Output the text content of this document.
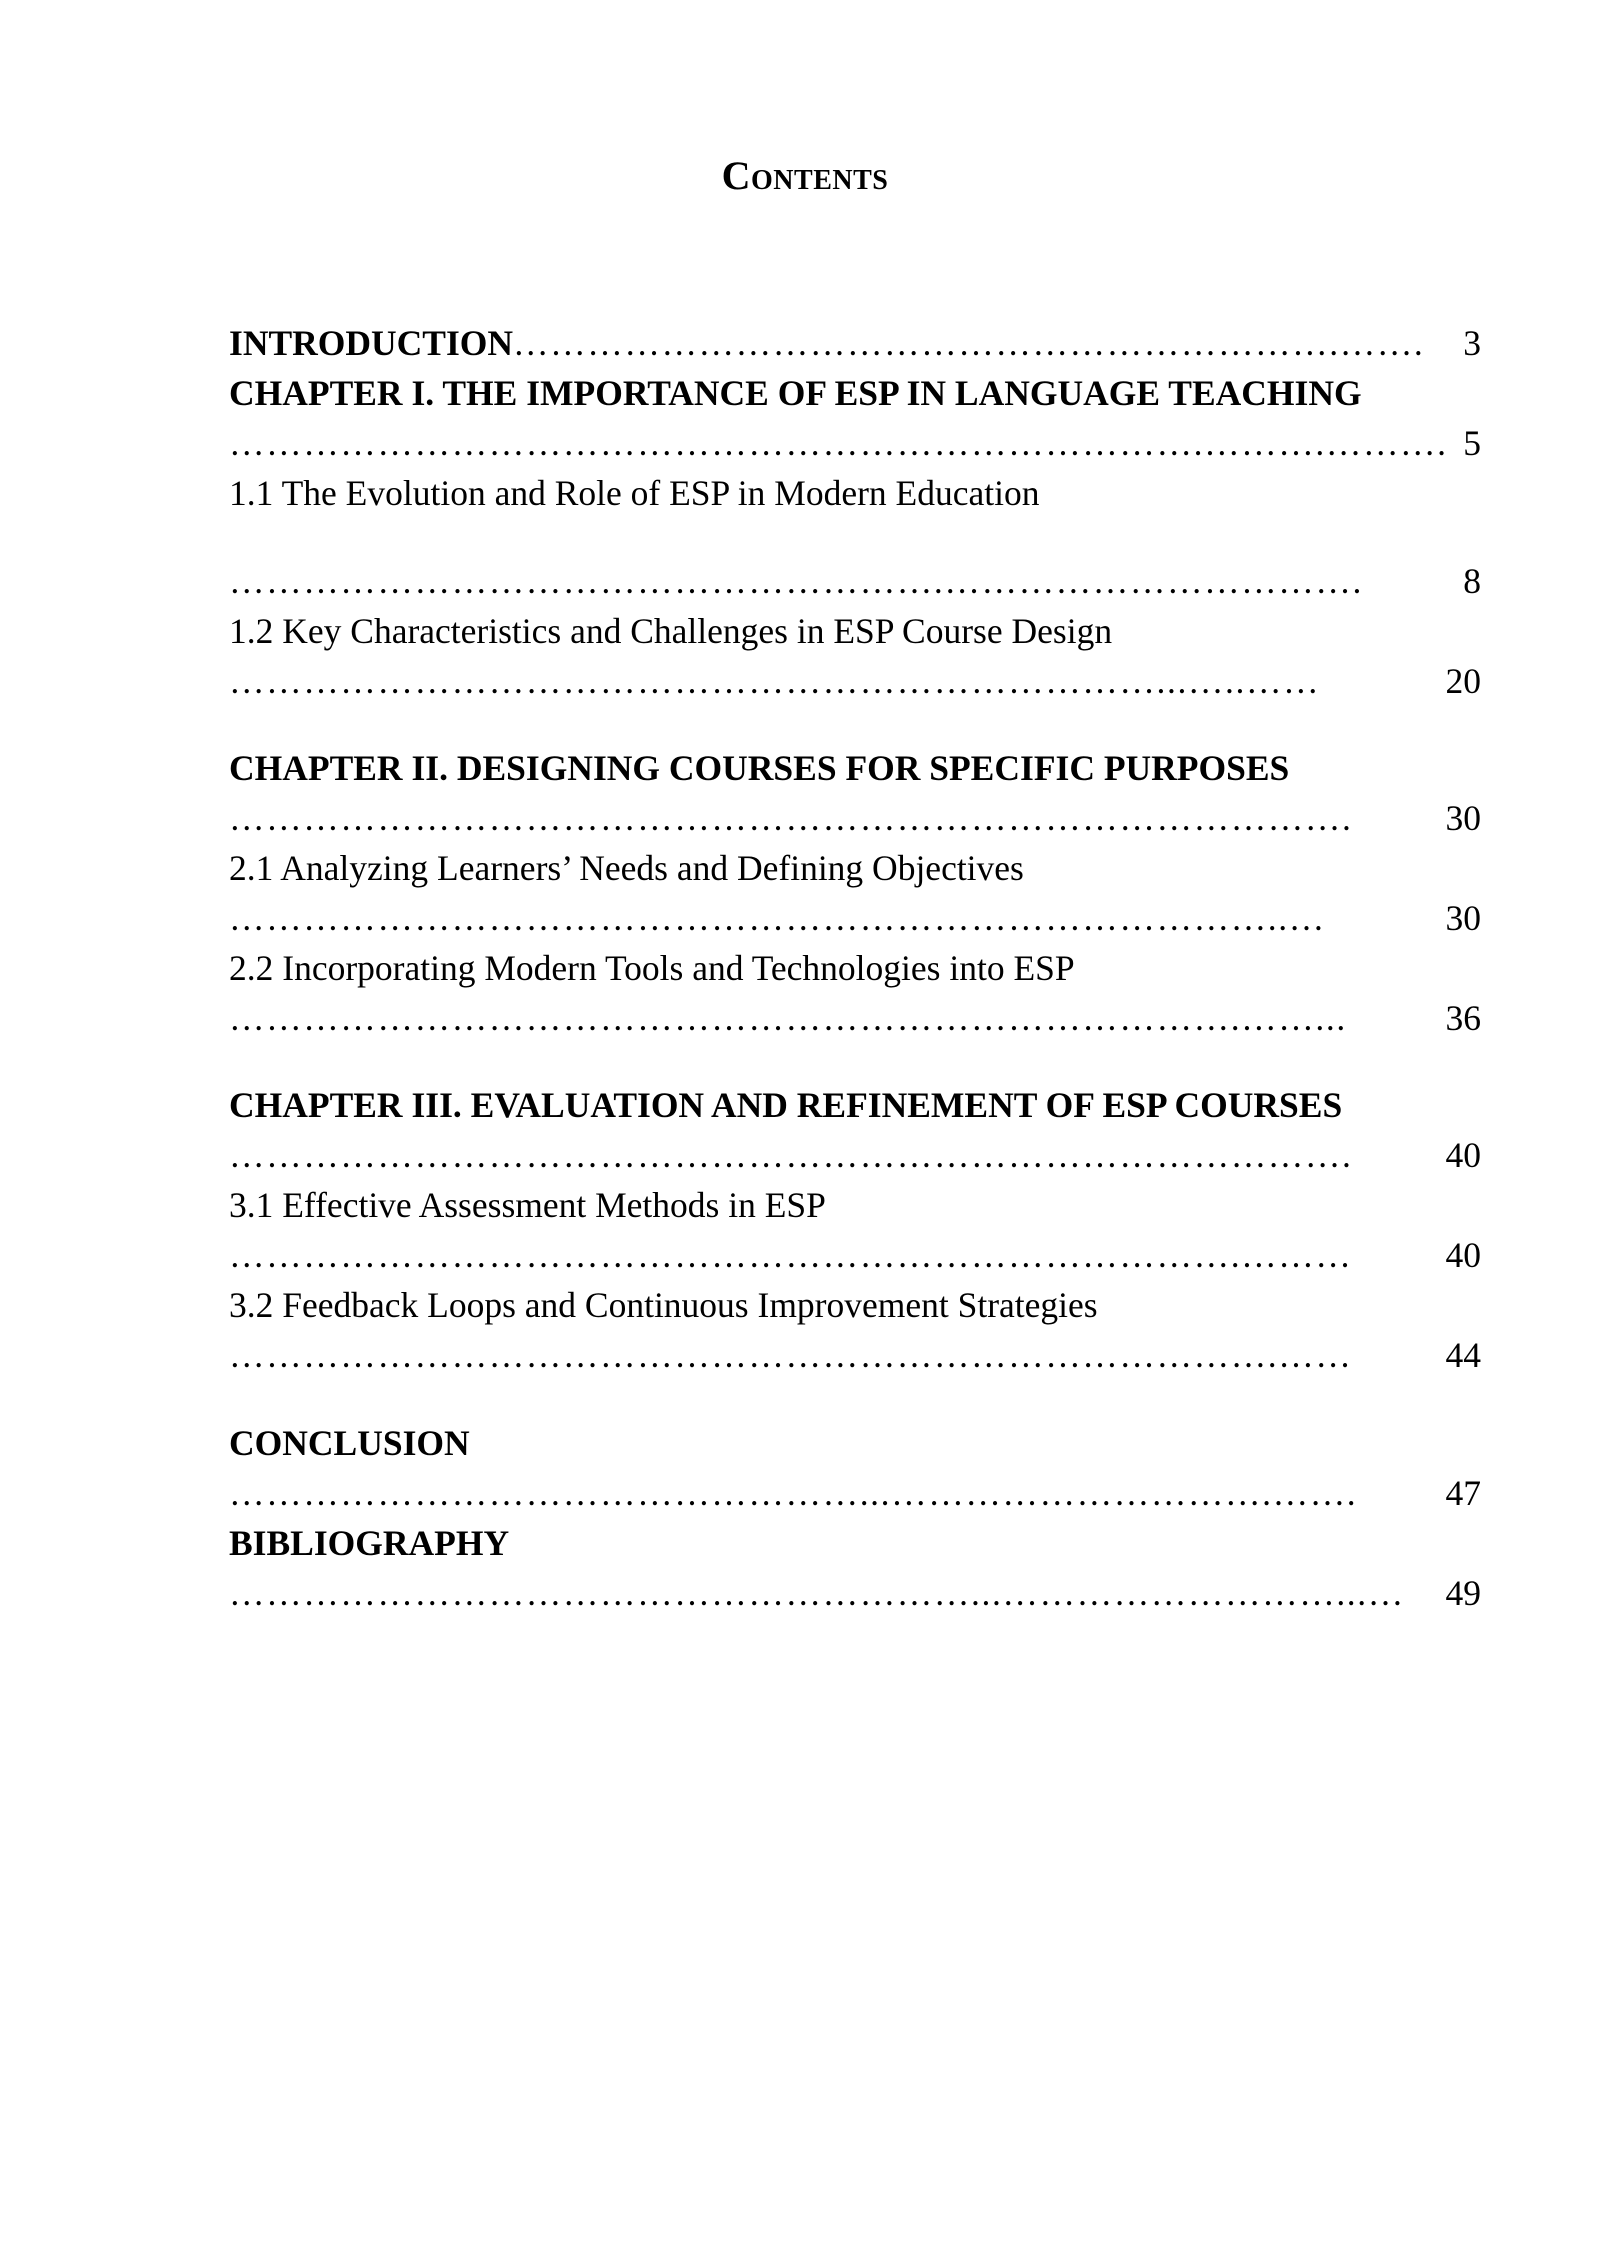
CONTENTS
INTRODUCTION………………………………………………………….……. 3
CHAPTER I. THE IMPORTANCE OF ESP IN LANGUAGE TEACHING
…………………………………………………………………….……….………. 5
1.1 The Evolution and Role of ESP in Modern Education
………………………………………………….…………………………….	8
1.2 Key Characteristics and Challenges in ESP Course Design
…………………………………………………………………...…..……	20
CHAPTER II. DESIGNING COURSES FOR SPECIFIC PURPOSES
……………………………………………………………………………….	30
2.1 Analyzing Learners’ Needs and Defining Objectives
…………………………………………………………………………..…	30
2.2 Incorporating Modern Tools and Technologies into ESP
……………………………………………………………………….……...	36
CHAPTER III. EVALUATION AND REFINEMENT OF ESP COURSES
……………………………………………………………………………….	40
3.1 Effective Assessment Methods in ESP
……………………………………………………………………….………	40
3.2 Feedback Loops and Continuous Improvement Strategies
………………………………………………………………………….……	44
CONCLUSION
……………………………………………...………………………….……. 47
BIBLIOGRAPHY
……………………………………………………...………………………...… 49
